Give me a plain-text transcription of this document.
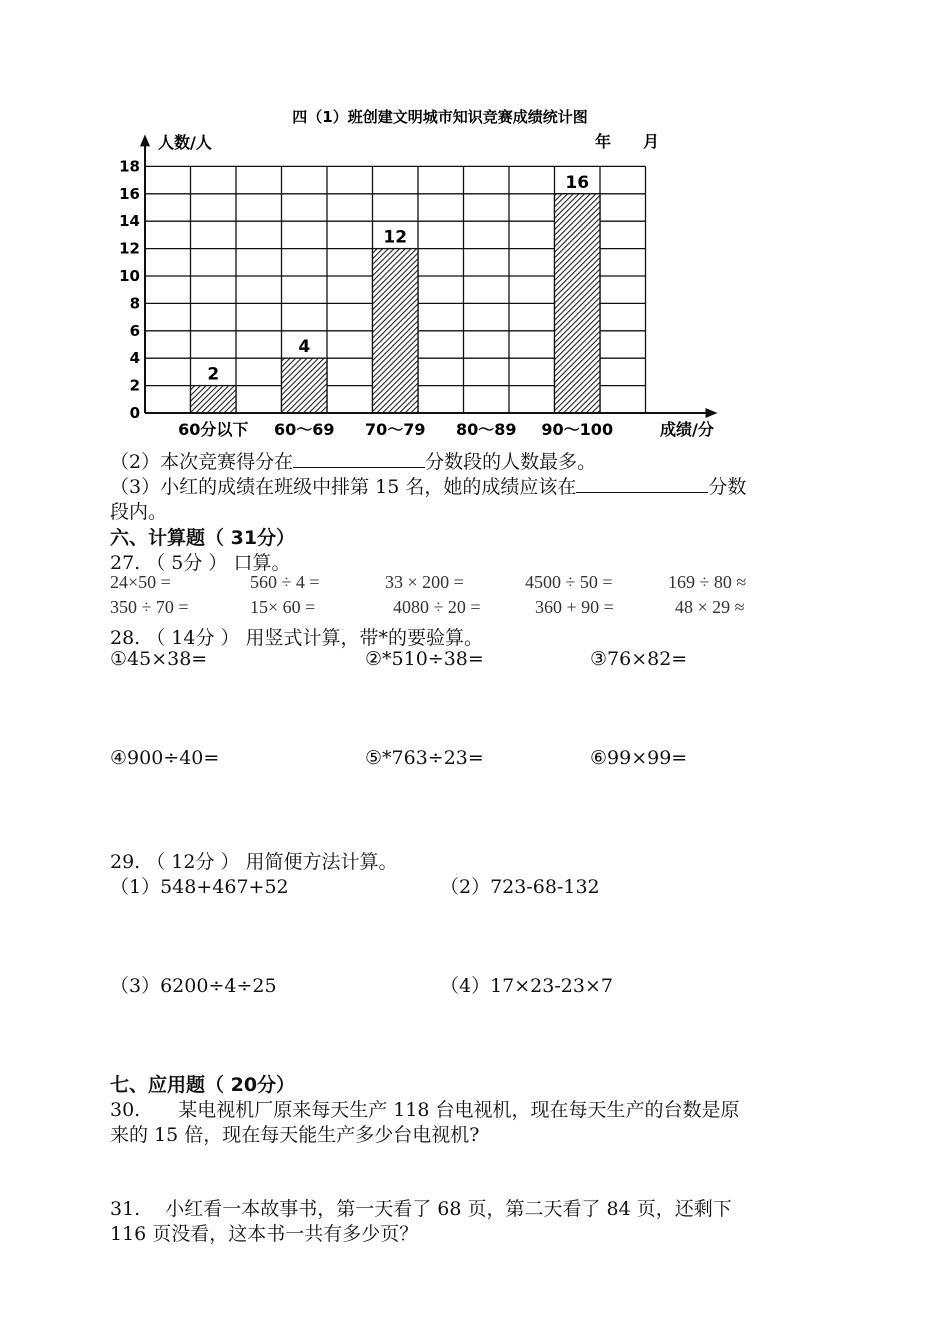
四（1）班创建文明城市知识竞赛成绩统计图
年　　月
人数/人
成绩/分
2
4
12
16
0
2
4
6
8
10
12
14
16
18
60分以下 60～69 70～79 80～89 90～100
（2）本次竞赛得分在	分数段的人数最多。
（3）小红的成绩在班级中排第 15 名，她的成绩应该在	分数
段内。
六、计算题（ 31分）
27. （ 5分 ） 口算。
24×50 =	560 ÷ 4 =	33 × 200 =	4500 ÷ 50 =	169 ÷ 80 ≈
350 ÷ 70 =	15× 60 =	4080 ÷ 20 =	360 + 90 =	48 × 29 ≈
28. （ 14分 ） 用竖式计算，带*的要验算。
①45×38=	②*510÷38=	③76×82=
④900÷40=	⑤*763÷23=	⑥99×99=
29. （ 12分 ） 用简便方法计算。
（1）548+467+52	（2）723-68-132
（3）6200÷4÷25	（4）17×23-23×7
七、应用题（ 20分）
30.　　某电视机厂原来每天生产 118 台电视机，现在每天生产的台数是原
来的 15 倍，现在每天能生产多少台电视机?
31.　 小红看一本故事书，第一天看了 68 页，第二天看了 84 页，还剩下
116 页没看，这本书一共有多少页？
